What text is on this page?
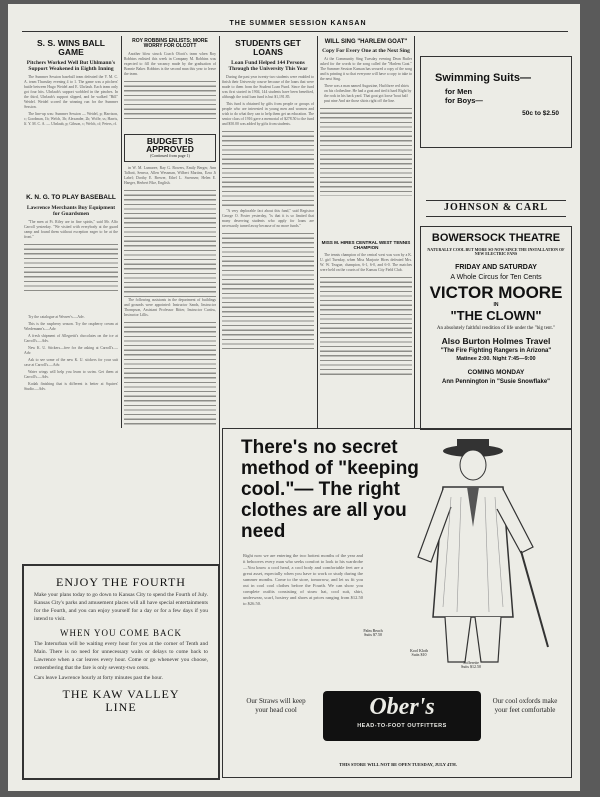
THE SUMMER SESSION KANSAN
S. S. WINS BALL GAME
Pitchers Worked Well But Uhlmann's Support Weakened in Eighth Inning

The Summer Session baseball team defeated the Y. M. C. A. team Thursday evening 4 to 1. The game was a pitchers' battle between Hugo Weidel and E. Uhrlaub. Each team only got four hits. Uhrlaub's support wobbled in the pinches. In the third, Uhrlaub's support slipped, and he walked "Bill" Weidel. Weidel scored the winning run for the Summer Session.

The line-up was: Summer Session — Weidel, p; Harrison, c; Goodman, 1b; Welch, 3b; Alexander, 2b; Wolfe, ss; Harris, lf. Y. M. C. A. — Uhrlaub, p; Gibson, c; Welch, cf; Peters, rf.

K. N. G. TO PLAY BASEBALL
Lawrence Merchants Buy Equipment for Guardsmen

"The men at Ft. Riley are in fine spirits," said Mr. Alfo Carroll yesterday. "We visited with everybody at the guard camp and found them without exception eager to be at the front."

Try the catalogue at Weaver's.—Adv.

This is the raspberry season. Try the raspberry cream at Wiedemann's.—Adv.

A fresh shipment of Allegretti's chocolates on the ice at Carroll's.—Adv.

New K. U. Stickers—free for the asking at Carroll's.—Adv.

Ask to see some of the new K. U. stickers for your suit case at Carroll's.—Adv.

Water wings will help you learn to swim. Get them at Carroll's.—Adv.

Kodak finishing that is different is better at Squires' Studio.—Adv.

ROY ROBBINS ENLISTS; MORE WORRY FOR OLCOTT

Another blow struck Coach Olcott's team when Roy Robbins enlisted this week in Company M. Robbins was expected to fill the vacancy made by the graduation of Bonnie Baker. Robbins is the second man this year to leave the team.

BUDGET IS APPROVED
(Continued from page 1)

in W. M. Lumaree, Ray G. Bowers, Emily Berger, Ann Talbott, Seneca, Allen Wessman, Wilbert Martins, Ezra Ji Lahel; Dorthy E. Brewer, Ethel L. Swensen; Helen E. Haeger, Herbert Fike, English.

The following assistants in the department of buildings and grounds were appointed: Instructor Sands, Instructor Thompson, Assistant Professor Ritter, Instructor Curtiss, Instructor Lillis.

STUDENTS GET LOANS
Loan Fund Helped 144 Persons Through the University This Year

During the past year twenty-two students were enabled to finish their University course because of the loans that were made to them from the Student Loan Fund. Since the fund was first started in 1904, 144 students have been benefited, although the total loan fund is but $1,191.85.

This fund is obtained by gifts from people or groups of people who are interested in young men and women and wish to do what they can to help them get an education. The senior class of 1916 gave a memorial of $278.50 to the fund and $50.00 was added by gifts from students.

"A very deplorable fact about this fund," said Registrar George O. Foster yesterday, "is that it is so limited that many deserving students who apply for loans are necessarily turned away because of no more funds."

WILL SING "HARLEM GOAT"
Copy For Every One at the Next Sing

At the Community Sing Tuesday evening Dean Butler asked for the words to the song called the "Harlem Goat." The Summer Session Kansan has secured a copy of the song and is printing it so that everyone will have a copy to take to the next Sing.

There was a man named Augustine, Had three red shirts on his clothesline. He had a goat and tied it hard Right by the rock in his back yard. That goat got loose 'bout half past nine And ate those shirts right off the line.

MISS M. HIRES CENTRAL WEST TENNIS CHAMPION

The tennis champion of the central west was won by a K. U. girl Tuesday, when Miss Marjorie Hires defeated Mrs. W. W. Teague, champion, 6-1, 6-0, and 6-0. The matches were held on the courts of the Kansas City Field Club.

Swimming Suits—
for Men
for Boys—
50c to $2.50
JOHNSON & CARL
BOWERSOCK THEATRE
NATURALLY COOL BUT MORE SO NOW SINCE THE INSTALLATION OF NEW ELECTRIC FANS
FRIDAY AND SATURDAY
A Whole Circus for Ten Cents
VICTOR MOORE
IN
"THE CLOWN"
An absolutely faithful rendition of life under the "big tent."
Also Burton Holmes Travel
"The Fire Fighting Rangers in Arizona"
Matinee 2:00. Night 7:45—9:00
COMING MONDAY
Ann Pennington in "Susie Snowflake"
There's no secret method of "keeping cool."— The right clothes are all you need
Right now we are entering the two hottest months of the year and it behooves every man who seeks comfort to look to his wardrobe—You know a cool head, a cool body and comfortable feet are a great asset, especially when you have to work or study during the summer months. Come to the store, tomorrow, and let us fit you out in cool cool clothes before the Fourth. We can show you complete outfits consisting of straw hat, cool suit, shirt, underwear, scarf, hosiery and shoes at prices ranging from $12.50 to $26.50.
Palm Beach
Suits $7.50
Kool Kloth
Suits $10
Sofferette
Suits $12.50
Our Straws will keep your head cool	Ober's
HEAD-TO-FOOT OUTFITTERS
Our cool oxfords make your feet comfortable
THIS STORE WILL NOT BE OPEN TUESDAY, JULY 4TH.
ENJOY THE FOURTH
Make your plans today to go down to Kansas City to spend the Fourth of July. Kansas City's parks and amusement places will all have special entertainments for the Fourth, and you can enjoy yourself for a day or for a few days if you intend to visit.
WHEN YOU COME BACK
The Interurban will be waiting every hour for you at the corner of Tenth and Main. There is no need for unnecessary waits or delays to come back to Lawrence when a car leaves every hour. Come or go whenever you choose, remembering that the fare is only seventy-two cents.
Cars leave Lawrence hourly at forty minutes past the hour.
THE KAW VALLEY
LINE
